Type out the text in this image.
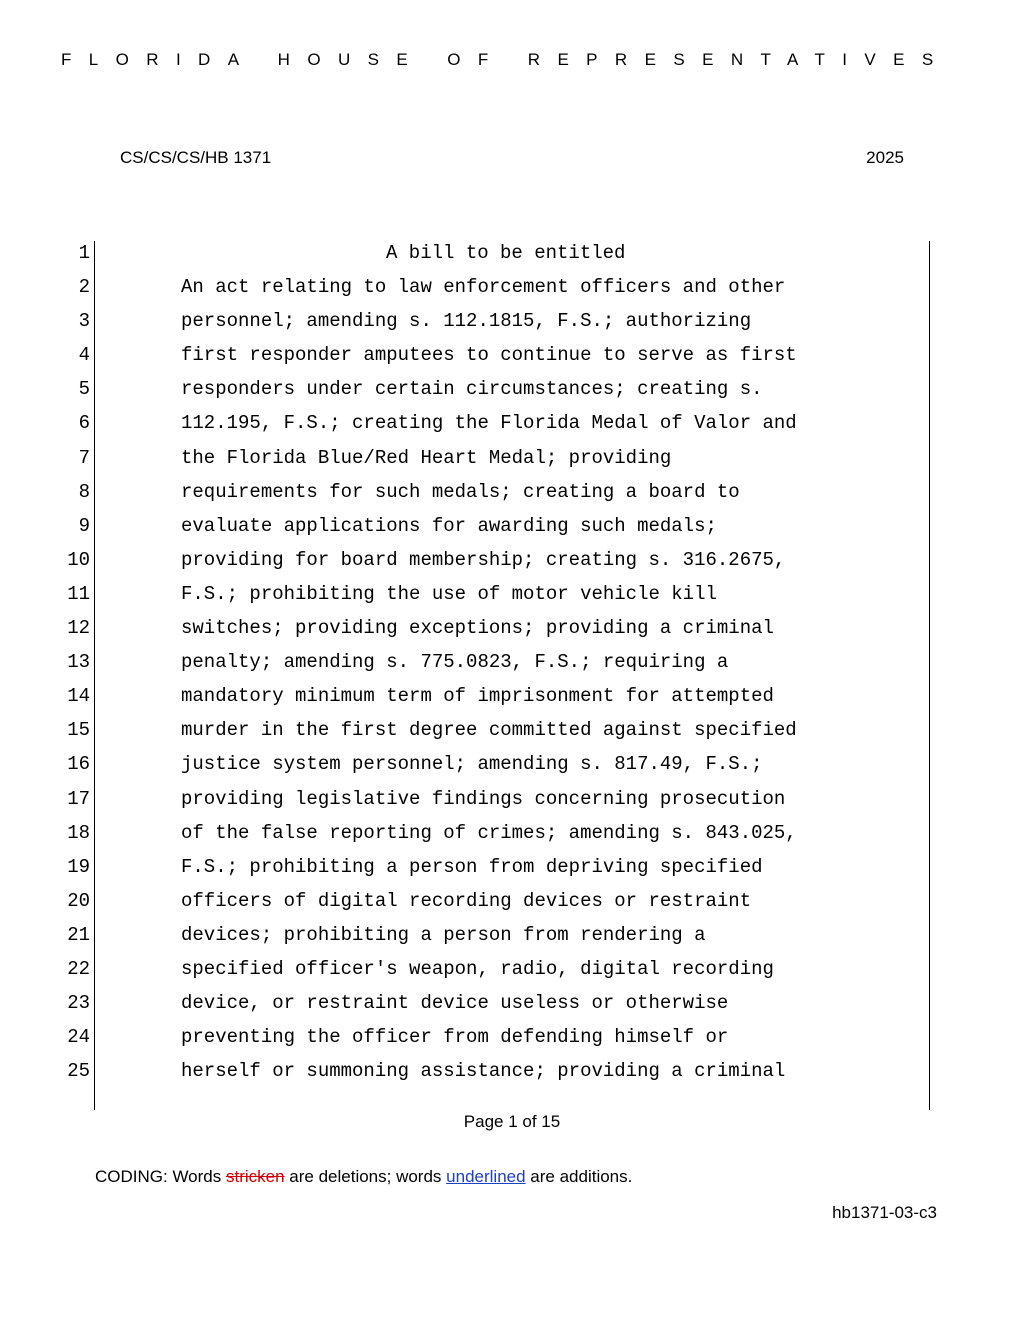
FLORIDA HOUSE OF REPRESENTATIVES
CS/CS/CS/HB 1371	2025
1	A bill to be entitled
2	An act relating to law enforcement officers and other
3	personnel; amending s. 112.1815, F.S.; authorizing
4	first responder amputees to continue to serve as first
5	responders under certain circumstances; creating s.
6	112.195, F.S.; creating the Florida Medal of Valor and
7	the Florida Blue/Red Heart Medal; providing
8	requirements for such medals; creating a board to
9	evaluate applications for awarding such medals;
10	providing for board membership; creating s. 316.2675,
11	F.S.; prohibiting the use of motor vehicle kill
12	switches; providing exceptions; providing a criminal
13	penalty; amending s. 775.0823, F.S.; requiring a
14	mandatory minimum term of imprisonment for attempted
15	murder in the first degree committed against specified
16	justice system personnel; amending s. 817.49, F.S.;
17	providing legislative findings concerning prosecution
18	of the false reporting of crimes; amending s. 843.025,
19	F.S.; prohibiting a person from depriving specified
20	officers of digital recording devices or restraint
21	devices; prohibiting a person from rendering a
22	specified officer's weapon, radio, digital recording
23	device, or restraint device useless or otherwise
24	preventing the officer from defending himself or
25	herself or summoning assistance; providing a criminal
Page 1 of 15
CODING: Words stricken are deletions; words underlined are additions.
hb1371-03-c3
